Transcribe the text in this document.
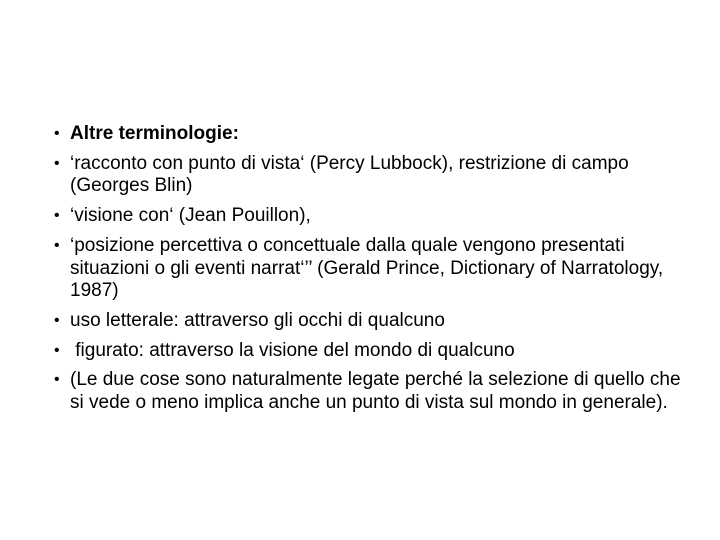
• Altre terminologie:
• ‘racconto con punto di vista‘ (Percy Lubbock), restrizione di campo (Georges Blin)
• ‘visione con‘ (Jean Pouillon),
• ‘posizione percettiva o concettuale dalla quale vengono presentati situazioni o gli eventi narrat‘’’ (Gerald Prince, Dictionary of Narratology, 1987)
• uso letterale: attraverso gli occhi di qualcuno
• figurato: attraverso la visione del mondo di qualcuno
• (Le due cose sono naturalmente legate perché la selezione di quello che si vede o meno implica anche un punto di vista sul mondo in generale).
